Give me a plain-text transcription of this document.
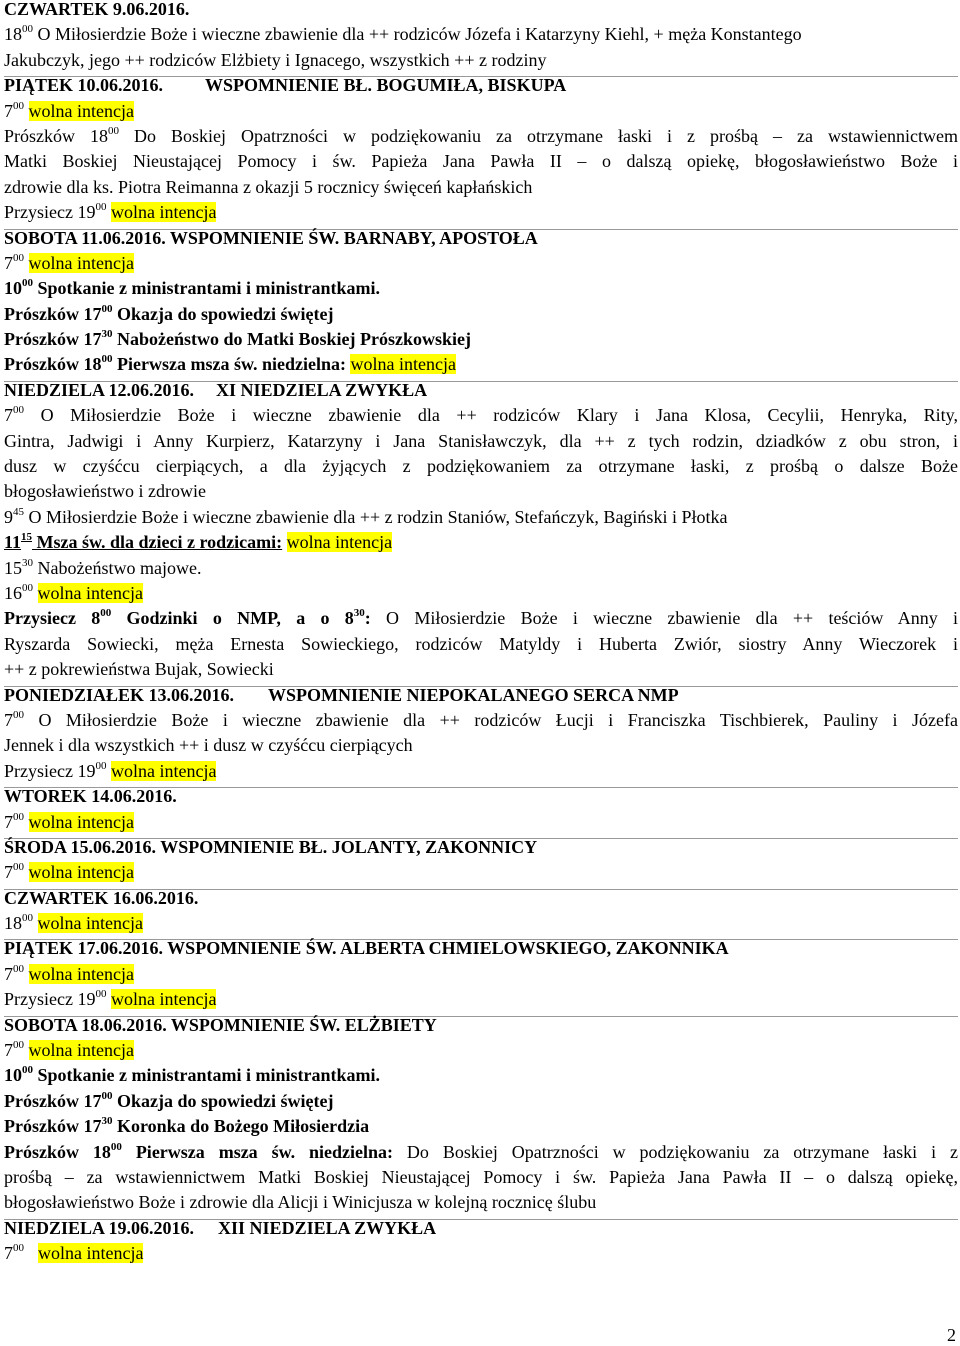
CZWARTEK 9.06.2016.
$18^{00}$ O Miłosierdzie Boże i wieczne zbawienie dla ++ rodziców Józefa i Katarzyny Kiehl, + męża Konstantego
Jakubczyk, jego ++ rodziców Elżbiety i Ignacego, wszystkich ++ z rodziny
PIĄTEK 10.06.2016. WSPOMNIENIE BŁ. BOGUMIŁA, BISKUPA
$7^{00}$ wolna intencja
Prószków $18^{00}$ Do Boskiej Opatrzności w podziękowaniu za otrzymane łaski i z prośbą – za wstawiennictwem
Matki Boskiej Nieustającej Pomocy i św. Papieża Jana Pawła II – o dalszą opiekę, błogosławieństwo Boże i
zdrowie dla ks. Piotra Reimanna z okazji 5 rocznicy święceń kapłańskich
Przysiecz $19^{00}$ wolna intencja
SOBOTA 11.06.2016. WSPOMNIENIE ŚW. BARNABY, APOSTOŁA
$7^{00}$ wolna intencja
$10^{00}$ Spotkanie z ministrantami i ministrantkami.
Prószków $17^{00}$ Okazja do spowiedzi świętej
Prószków $17^{30}$ Nabożeństwo do Matki Boskiej Prószkowskiej
Prószków $18^{00}$ Pierwsza msza św. niedzielna: wolna intencja
NIEDZIELA 12.06.2016. XI NIEDZIELA ZWYKŁA
$7^{00}$ O Miłosierdzie Boże i wieczne zbawienie dla ++ rodziców Klary i Jana Klosa, Cecylii, Henryka, Rity,
Gintra, Jadwigi i Anny Kurpierz, Katarzyny i Jana Stanisławczyk, dla ++ z tych rodzin, dziadków z obu stron, i
dusz w czyśćcu cierpiących, a dla żyjących z podziękowaniem za otrzymane łaski, z prośbą o dalsze Boże
błogosławieństwo i zdrowie
$9^{45}$ O Miłosierdzie Boże i wieczne zbawienie dla ++ z rodzin Staniów, Stefańczyk, Bagiński i Płotka
$11^{15}$ Msza św. dla dzieci z rodzicami: wolna intencja
$15^{30}$ Nabożeństwo majowe.
$16^{00}$ wolna intencja
Przysiecz $8^{00}$ Godzinki o NMP, a o $8^{30}$: O Miłosierdzie Boże i wieczne zbawienie dla ++ teściów Anny i
Ryszarda Sowiecki, męża Ernesta Sowieckiego, rodziców Matyldy i Huberta Zwiór, siostry Anny Wieczorek i
++ z pokrewieństwa Bujak, Sowiecki
PONIEDZIAŁEK 13.06.2016. WSPOMNIENIE NIEPOKALANEGO SERCA NMP
$7^{00}$ O Miłosierdzie Boże i wieczne zbawienie dla ++ rodziców Łucji i Franciszka Tischbierek, Pauliny i Józefa
Jennek i dla wszystkich ++ i dusz w czyśćcu cierpiących
Przysiecz $19^{00}$ wolna intencja
WTOREK 14.06.2016.
$7^{00}$ wolna intencja
ŚRODA 15.06.2016. WSPOMNIENIE BŁ. JOLANTY, ZAKONNICY
$7^{00}$ wolna intencja
CZWARTEK 16.06.2016.
$18^{00}$ wolna intencja
PIĄTEK 17.06.2016. WSPOMNIENIE ŚW. ALBERTA CHMIELOWSKIEGO, ZAKONNIKA
$7^{00}$ wolna intencja
Przysiecz $19^{00}$ wolna intencja
SOBOTA 18.06.2016. WSPOMNIENIE ŚW. ELŻBIETY
$7^{00}$ wolna intencja
$10^{00}$ Spotkanie z ministrantami i ministrantkami.
Prószków $17^{00}$ Okazja do spowiedzi świętej
Prószków $17^{30}$ Koronka do Bożego Miłosierdzia
Prószków $18^{00}$ Pierwsza msza św. niedzielna: Do Boskiej Opatrzności w podziękowaniu za otrzymane łaski i z
prośbą – za wstawiennictwem Matki Boskiej Nieustającej Pomocy i św. Papieża Jana Pawła II – o dalszą opiekę,
błogosławieństwo Boże i zdrowie dla Alicji i Winicjusza w kolejną rocznicę ślubu
NIEDZIELA 19.06.2016. XII NIEDZIELA ZWYKŁA
$7^{00}$ wolna intencja
2
